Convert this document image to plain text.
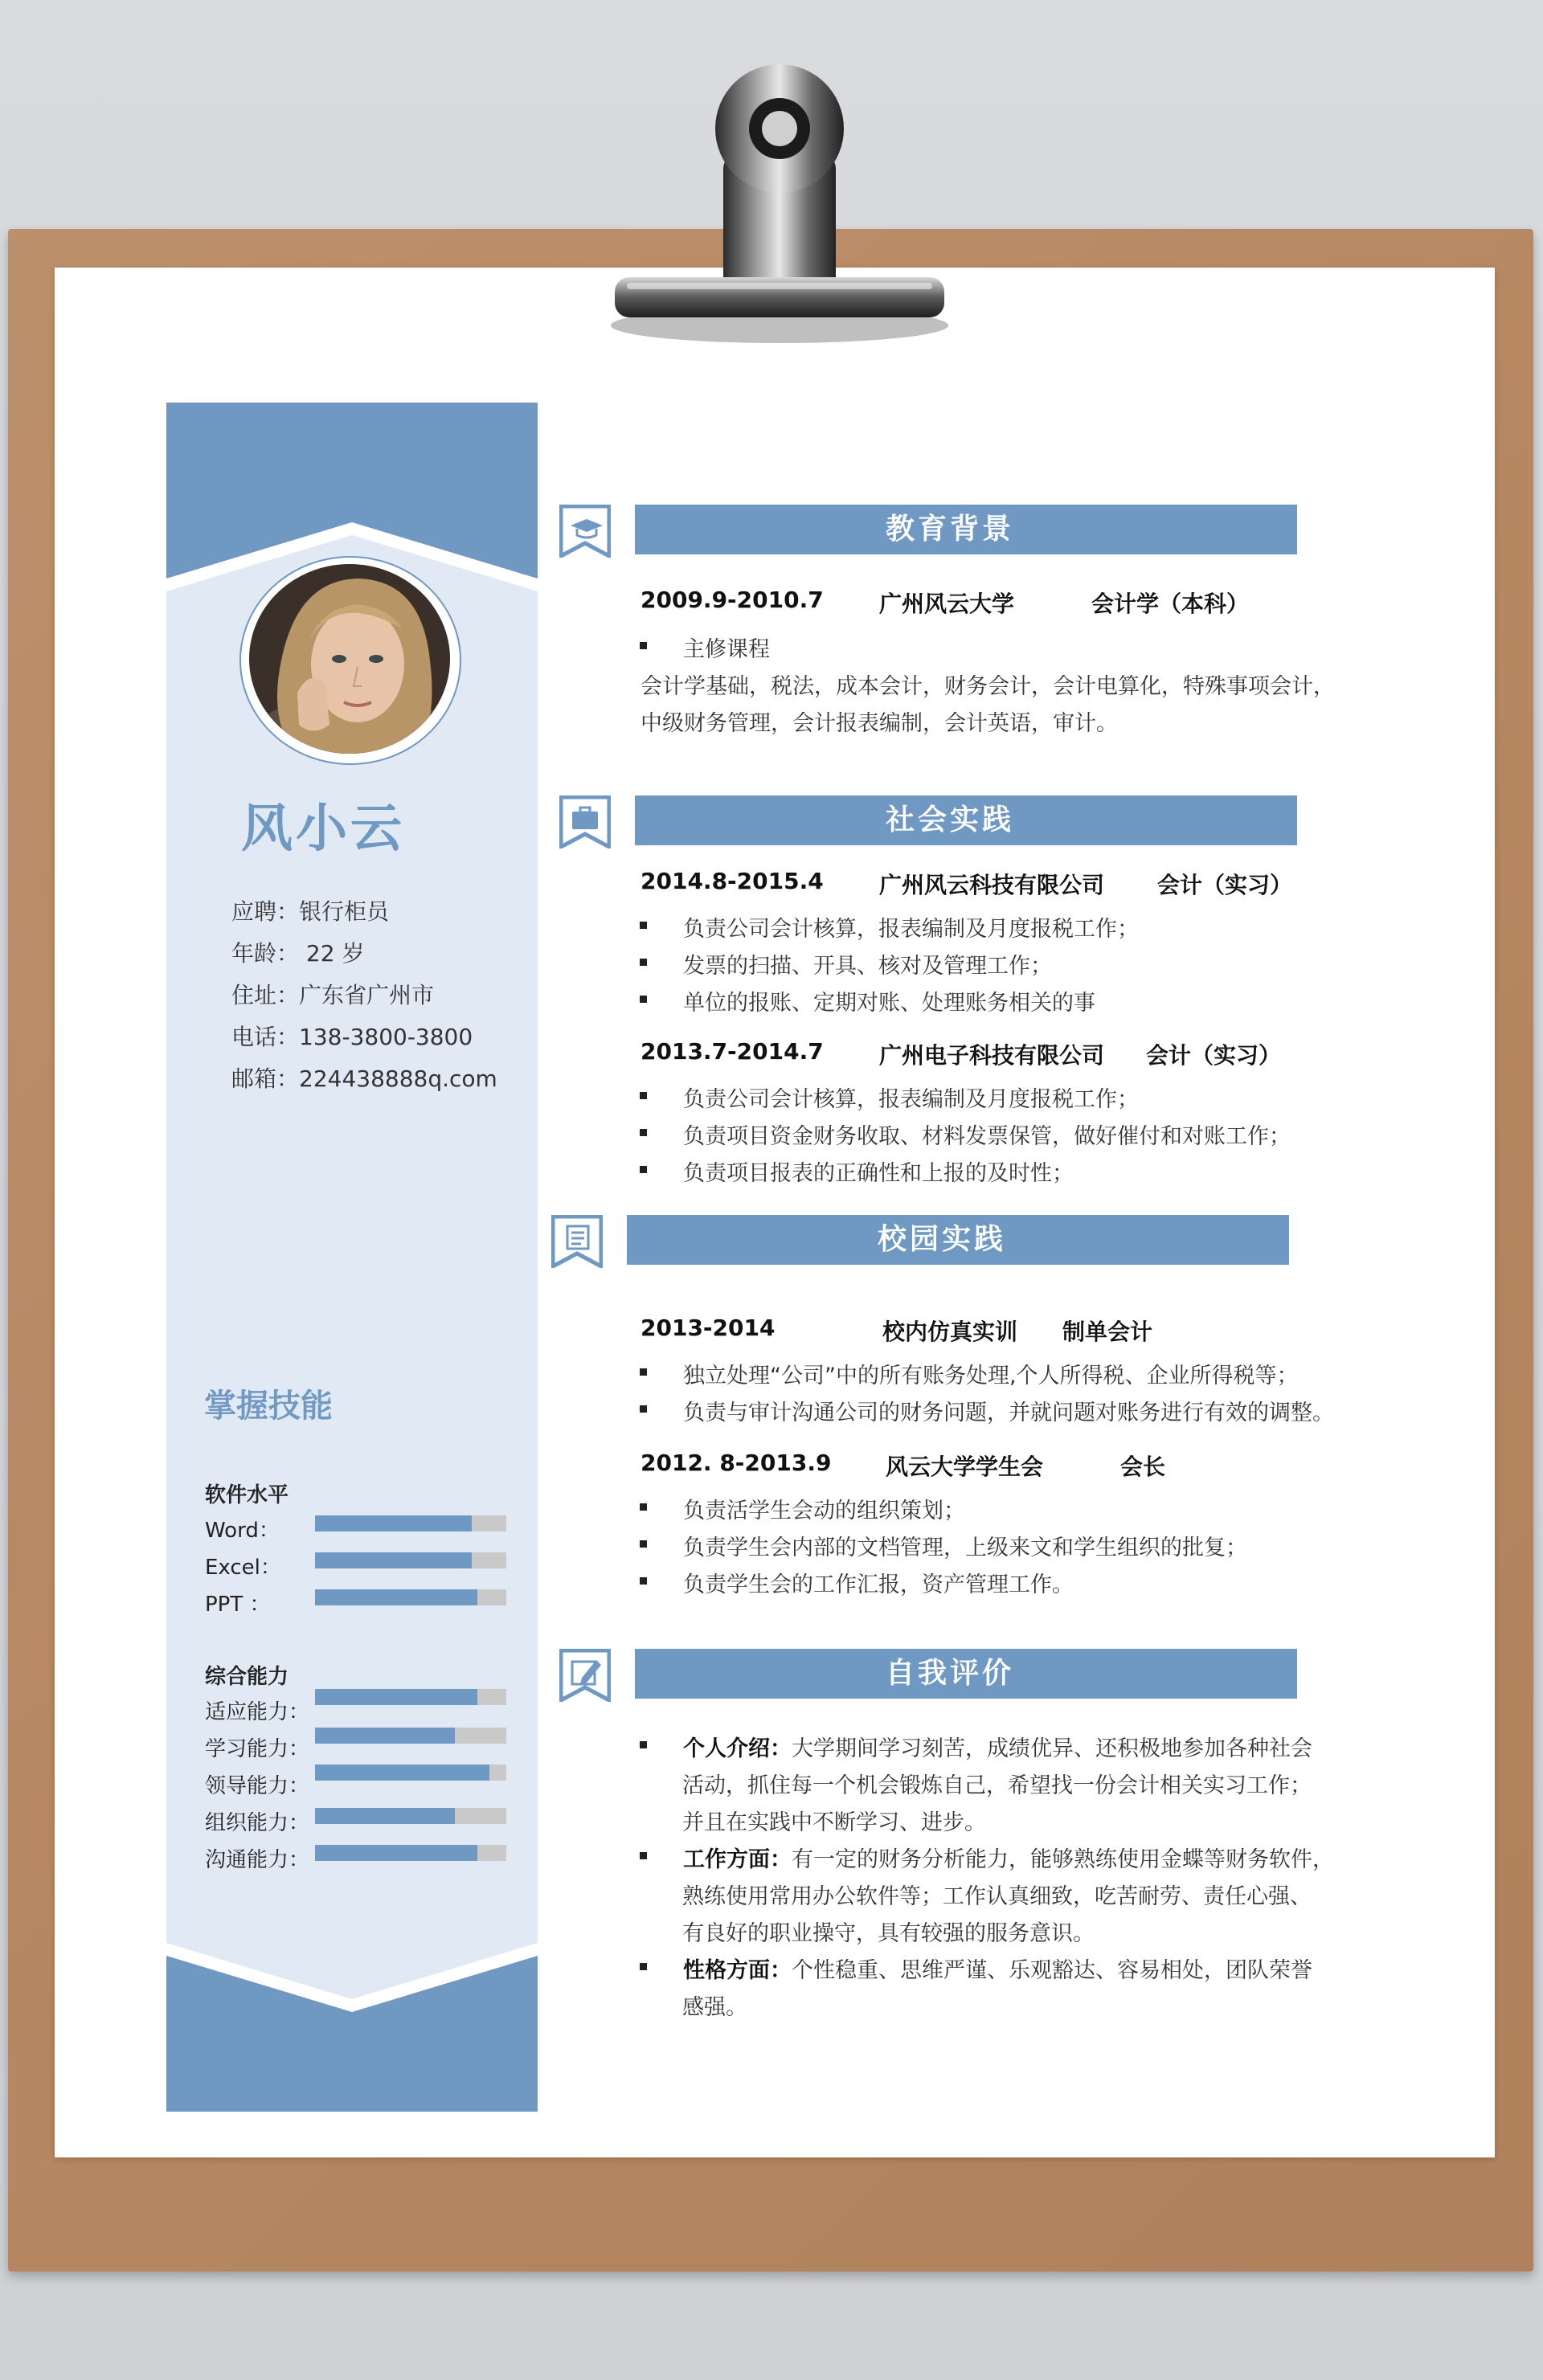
风小云
应聘：银行柜员
年龄： 22 岁
住址：广东省广州市
电话：138-3800-3800
邮箱：224438888q.com
掌握技能
软件水平
Word：
Excel：
PPT ：
综合能力
适应能力：
学习能力：
领导能力：
组织能力：
沟通能力：
教育背景
2009.9-2010.7 广州风云大学	会计学（本科）
主修课程
会计学基础，税法，成本会计，财务会计，会计电算化，特殊事项会计，
中级财务管理，会计报表编制，会计英语，审计。
社会实践
2014.8-2015.4 广州风云科技有限公司 会计（实习）
负责公司会计核算，报表编制及月度报税工作；
发票的扫描、开具、核对及管理工作；
单位的报账、定期对账、处理账务相关的事
2013.7-2014.7 广州电子科技有限公司 会计（实习）
负责公司会计核算，报表编制及月度报税工作；
负责项目资金财务收取、材料发票保管，做好催付和对账工作；
负责项目报表的正确性和上报的及时性；
校园实践
2013-2014	校内仿真实训 制单会计
独立处理“公司”中的所有账务处理,个人所得税、企业所得税等；
负责与审计沟通公司的财务问题，并就问题对账务进行有效的调整。
2012. 8-2013.9 风云大学学生会	会长
负责活学生会动的组织策划；
负责学生会内部的文档管理，上级来文和学生组织的批复；
负责学生会的工作汇报，资产管理工作。
自我评价
个人介绍：大学期间学习刻苦，成绩优异、还积极地参加各种社会
活动，抓住每一个机会锻炼自己，希望找一份会计相关实习工作；
并且在实践中不断学习、进步。
工作方面：有一定的财务分析能力，能够熟练使用金蝶等财务软件，
熟练使用常用办公软件等；工作认真细致，吃苦耐劳、责任心强、
有良好的职业操守，具有较强的服务意识。
性格方面：个性稳重、思维严谨、乐观豁达、容易相处，团队荣誉
感强。
